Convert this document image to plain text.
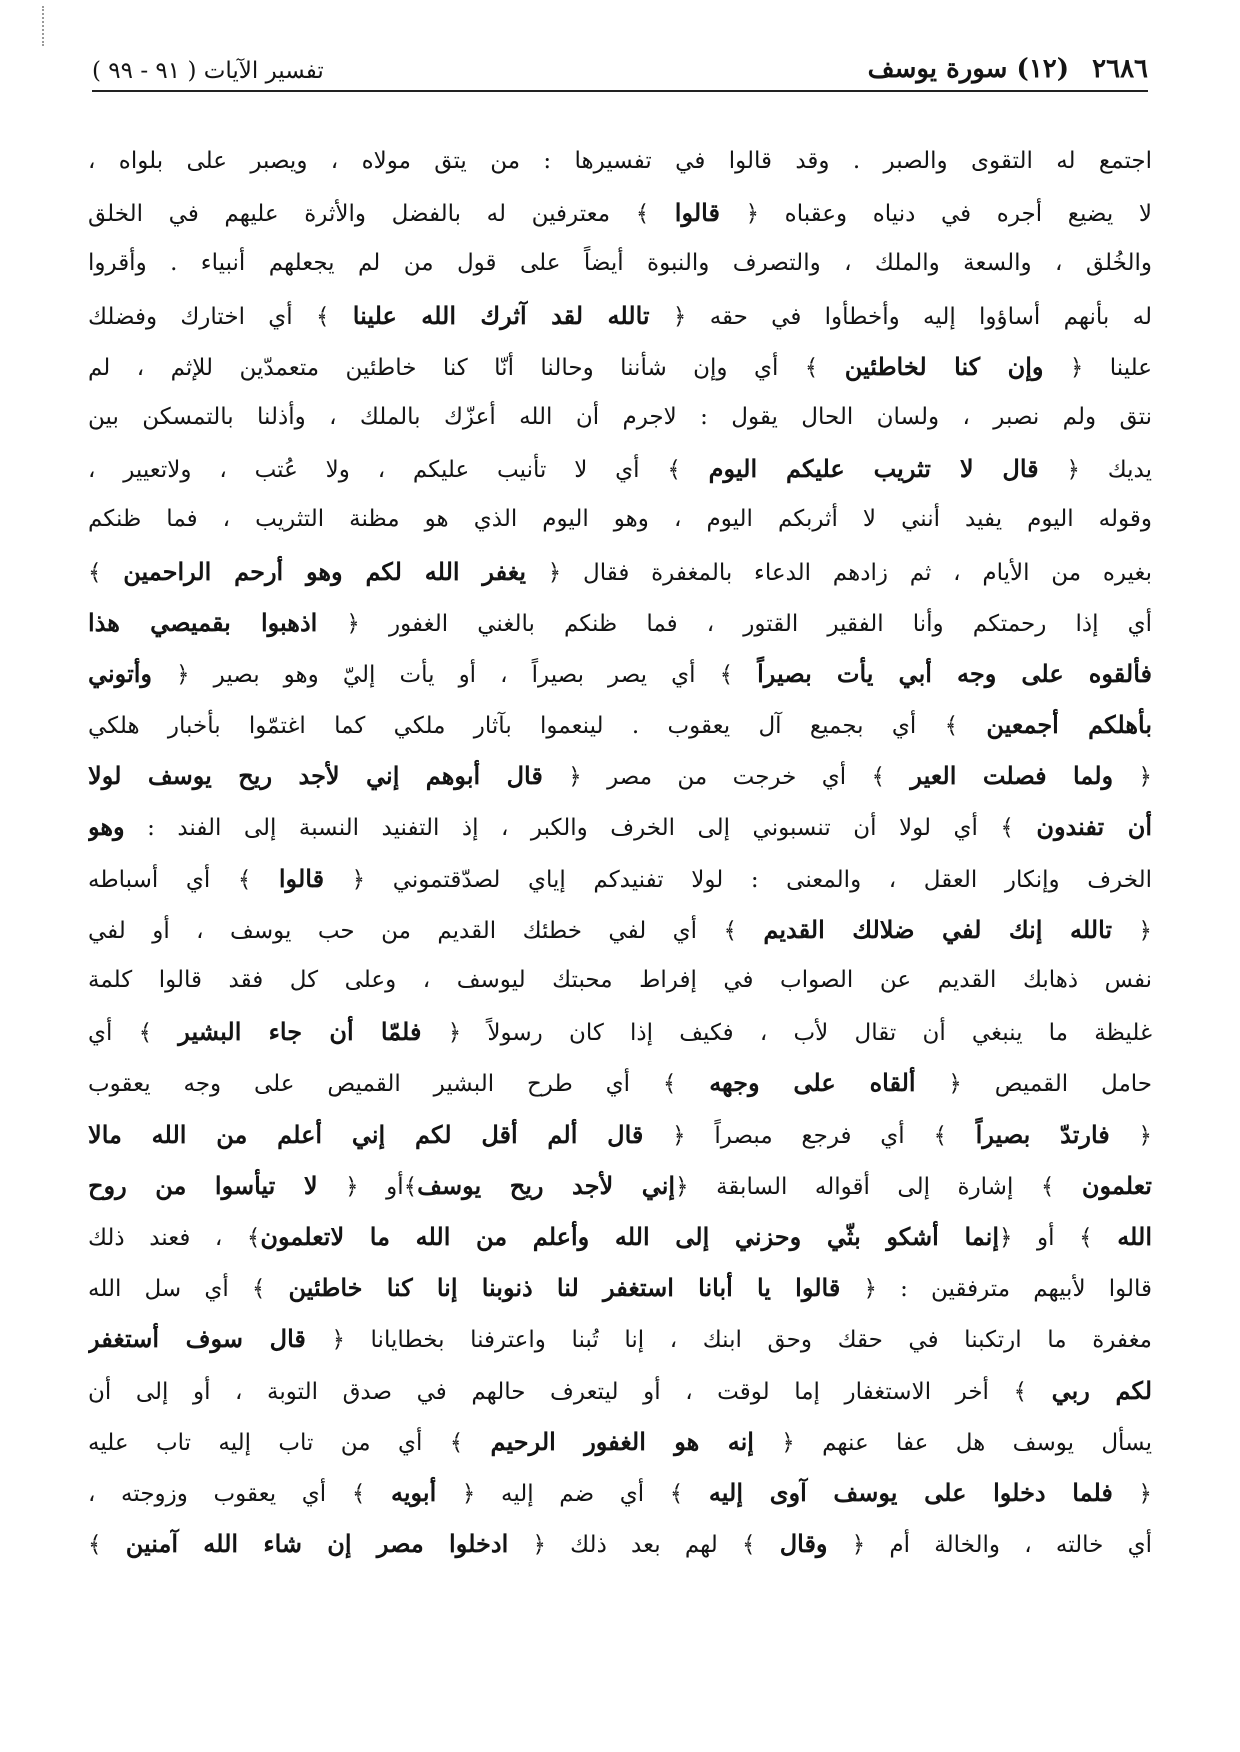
٢٦٨٦ (١٢) سورة يوسف
تفسير الآيات ( ٩١ - ٩٩ )
اجتمع له التقوى والصبر . وقد قالوا في تفسيرها : من يتق مولاه ، ويصبر على بلواه ،
لا يضيع أجره في دنياه وعقباه ﴿ قالوا ﴾ معترفين له بالفضل والأثرة عليهم في الخلق
والخُلق ، والسعة والملك ، والتصرف والنبوة أيضاً على قول من لم يجعلهم أنبياء . وأقروا
له بأنهم أساؤوا إليه وأخطأوا في حقه ﴿ تالله لقد آثرك الله علينا ﴾ أي اختارك وفضلك
علينا ﴿ وإن كنا لخاطئين ﴾ أي وإن شأننا وحالنا أنّا كنا خاطئين متعمدّين للإثم ، لم
نتق ولم نصبر ، ولسان الحال يقول : لاجرم أن الله أعزّك بالملك ، وأذلنا بالتمسكن بين
يديك ﴿ قال لا تثريب عليكم اليوم ﴾ أي لا تأنيب عليكم ، ولا عُتب ، ولاتعيير ،
وقوله اليوم يفيد أنني لا أثربكم اليوم ، وهو اليوم الذي هو مظنة التثريب ، فما ظنكم
بغيره من الأيام ، ثم زادهم الدعاء بالمغفرة فقال ﴿ يغفر الله لكم وهو أرحم الراحمين ﴾
أي إذا رحمتكم وأنا الفقير القتور ، فما ظنكم بالغني الغفور ﴿ اذهبوا بقميصي هذا
فألقوه على وجه أبي يأت بصيراً ﴾ أي يصر بصيراً ، أو يأت إليّ وهو بصير ﴿ وأتوني
بأهلكم أجمعين ﴾ أي بجميع آل يعقوب . لينعموا بآثار ملكي كما اغتمّوا بأخبار هلكي
﴿ ولما فصلت العير ﴾ أي خرجت من مصر ﴿ قال أبوهم إني لأجد ريح يوسف لولا
أن تفندون ﴾ أي لولا أن تنسبوني إلى الخرف والكبر ، إذ التفنيد النسبة إلى الفند : وهو
الخرف وإنكار العقل ، والمعنى : لولا تفنيدكم إياي لصدّقتموني ﴿ قالوا ﴾ أي أسباطه
﴿ تالله إنك لفي ضلالك القديم ﴾ أي لفي خطئك القديم من حب يوسف ، أو لفي
نفس ذهابك القديم عن الصواب في إفراط محبتك ليوسف ، وعلى كل فقد قالوا كلمة
غليظة ما ينبغي أن تقال لأب ، فكيف إذا كان رسولاً ﴿ فلمّا أن جاء البشير ﴾ أي
حامل القميص ﴿ ألقاه على وجهه ﴾ أي طرح البشير القميص على وجه يعقوب
﴿ فارتدّ بصيراً ﴾ أي فرجع مبصراً ﴿ قال ألم أقل لكم إني أعلم من الله مالا
تعلمون ﴾ إشارة إلى أقواله السابقة ﴿إني لأجد ريح يوسف﴾أو ﴿ لا تيأسوا من روح
الله ﴾ أو ﴿إنما أشكو بثّي وحزني إلى الله وأعلم من الله ما لاتعلمون﴾ ، فعند ذلك
قالوا لأبيهم مترفقين : ﴿ قالوا يا أبانا استغفر لنا ذنوبنا إنا كنا خاطئين ﴾ أي سل الله
مغفرة ما ارتكبنا في حقك وحق ابنك ، إنا تُبنا واعترفنا بخطايانا ﴿ قال سوف أستغفر
لكم ربي ﴾ أخر الاستغفار إما لوقت ، أو ليتعرف حالهم في صدق التوبة ، أو إلى أن
يسأل يوسف هل عفا عنهم ﴿ إنه هو الغفور الرحيم ﴾ أي من تاب إليه تاب عليه
﴿ فلما دخلوا على يوسف آوى إليه ﴾ أي ضم إليه ﴿ أبويه ﴾ أي يعقوب وزوجته ،
أي خالته ، والخالة أم ﴿ وقال ﴾ لهم بعد ذلك ﴿ ادخلوا مصر إن شاء الله آمنين ﴾
